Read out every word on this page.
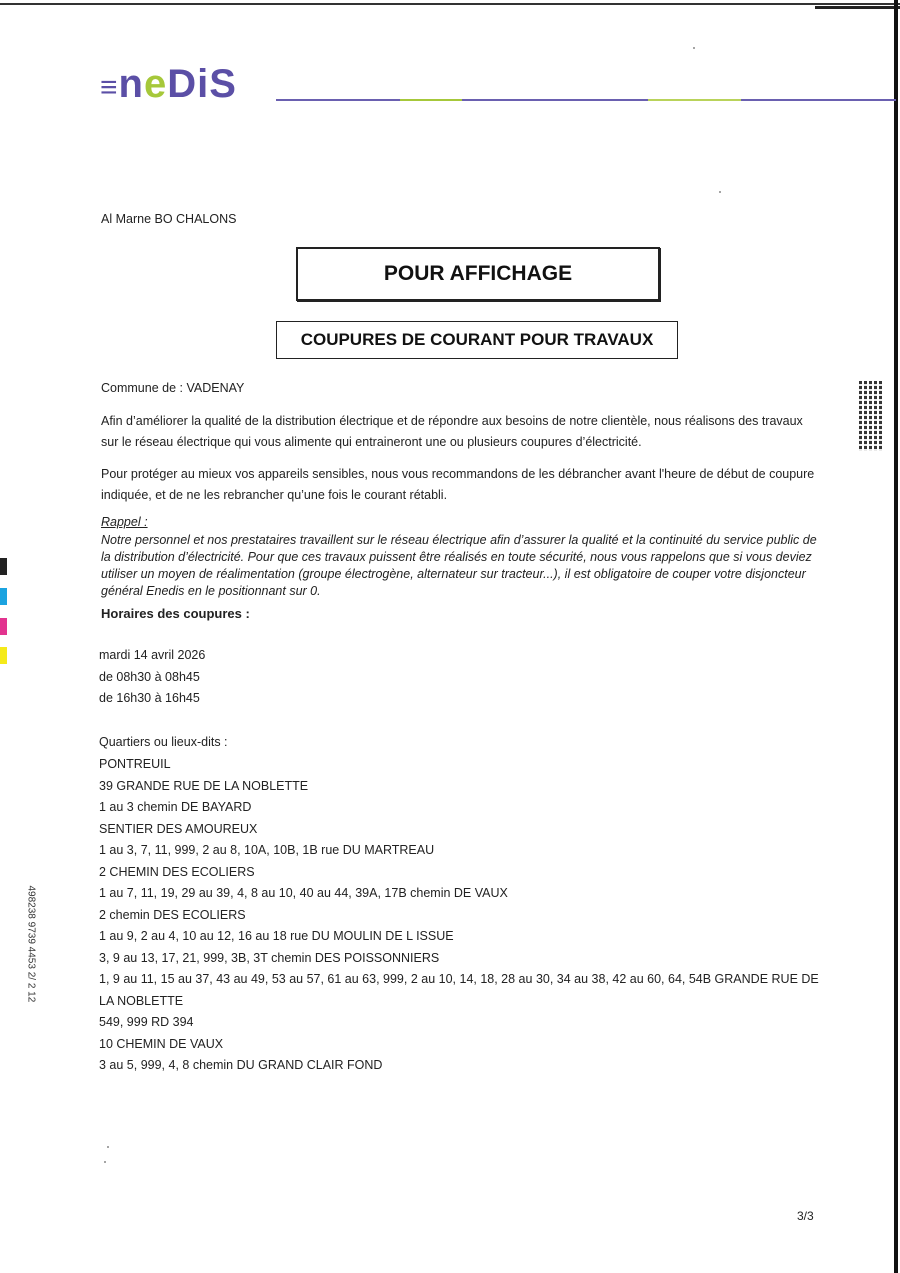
≡neDiS
Al Marne BO CHALONS
POUR AFFICHAGE
COUPURES DE COURANT POUR TRAVAUX
Commune de : VADENAY
Afin d’améliorer la qualité de la distribution électrique et de répondre aux besoins de notre clientèle, nous réalisons des travaux sur le réseau électrique qui vous alimente qui entraineront une ou plusieurs coupures d’électricité.
Pour protéger au mieux vos appareils sensibles, nous vous recommandons de les débrancher avant l'heure de début de coupure indiquée, et de ne les rebrancher qu’une fois le courant rétabli.
Rappel :
Notre personnel et nos prestataires travaillent sur le réseau électrique afin d’assurer la qualité et la continuité du service public de la distribution d’électricité. Pour que ces travaux puissent être réalisés en toute sécurité, nous vous rappelons que si vous deviez utiliser un moyen de réalimentation (groupe électrogène, alternateur sur tracteur...), il est obligatoire de couper votre disjoncteur général Enedis en le positionnant sur 0.
Horaires des coupures :
mardi 14 avril 2026
de 08h30 à 08h45
de 16h30 à 16h45
Quartiers ou lieux-dits :
PONTREUIL
39 GRANDE RUE DE LA NOBLETTE
1 au 3 chemin DE BAYARD
SENTIER DES AMOUREUX
1 au 3, 7, 11, 999, 2 au 8, 10A, 10B, 1B rue DU MARTREAU
2 CHEMIN DES ECOLIERS
1 au 7, 11, 19, 29 au 39, 4, 8 au 10, 40 au 44, 39A, 17B chemin DE VAUX
2 chemin DES ECOLIERS
1 au 9, 2 au 4, 10 au 12, 16 au 18 rue DU MOULIN DE L ISSUE
3, 9 au 13, 17, 21, 999, 3B, 3T chemin DES POISSONNIERS
1, 9 au 11, 15 au 37, 43 au 49, 53 au 57, 61 au 63, 999, 2 au 10, 14, 18, 28 au 30, 34 au 38, 42 au 60, 64, 54B GRANDE RUE DE LA NOBLETTE
549, 999 RD 394
10 CHEMIN DE VAUX
3 au 5, 999, 4, 8 chemin DU GRAND CLAIR FOND
3/3
498238 9739 4453 2/ 2 12
